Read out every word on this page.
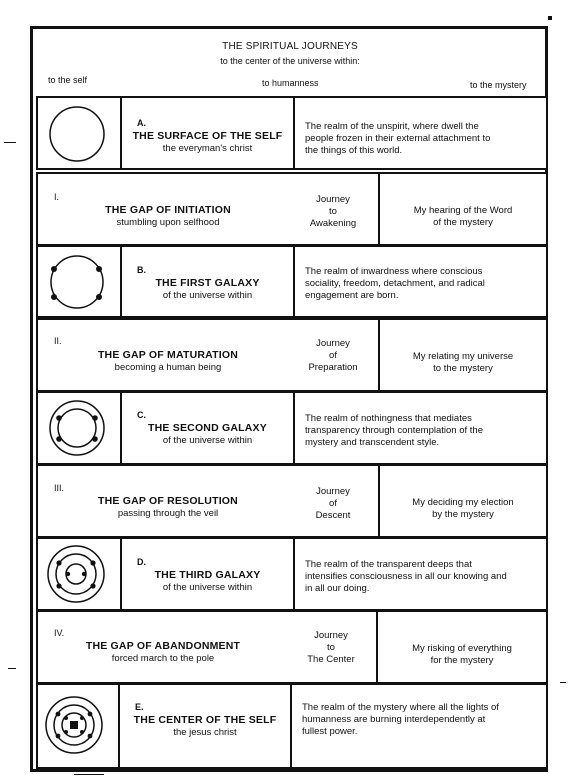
THE SPIRITUAL JOURNEYS
to the center of the universe within:
to the self	to humanness	to the mystery
A.
THE SURFACE OF THE SELF
the everyman's christ
The realm of the unspirit, where dwell the
people frozen in their external attachment to
the things of this world.
I.
THE GAP OF INITIATION
stumbling upon selfhood
Journey
to
Awakening
My hearing of the Word
of the mystery
B.
THE FIRST GALAXY
of the universe within
The realm of inwardness where conscious
sociality, freedom, detachment, and radical
engagement are born.
II.
THE GAP OF MATURATION
becoming a human being
Journey
of
Preparation
My relating my universe
to the mystery
C.
THE SECOND GALAXY
of the universe within
The realm of nothingness that mediates
transparency through contemplation of the
mystery and transcendent style.
III.
THE GAP OF RESOLUTION
passing through the veil
Journey
of
Descent
My deciding my election
by the mystery
D.
THE THIRD GALAXY
of the universe within
The realm of the transparent deeps that
intensifies consciousness in all our knowing and
in all our doing.
IV.
THE GAP OF ABANDONMENT
forced march to the pole
Journey
to
The Center
My risking of everything
for the mystery
E.
THE CENTER OF THE SELF
the jesus christ
The realm of the mystery where all the lights of
humanness are burning interdependently at
fullest power.
